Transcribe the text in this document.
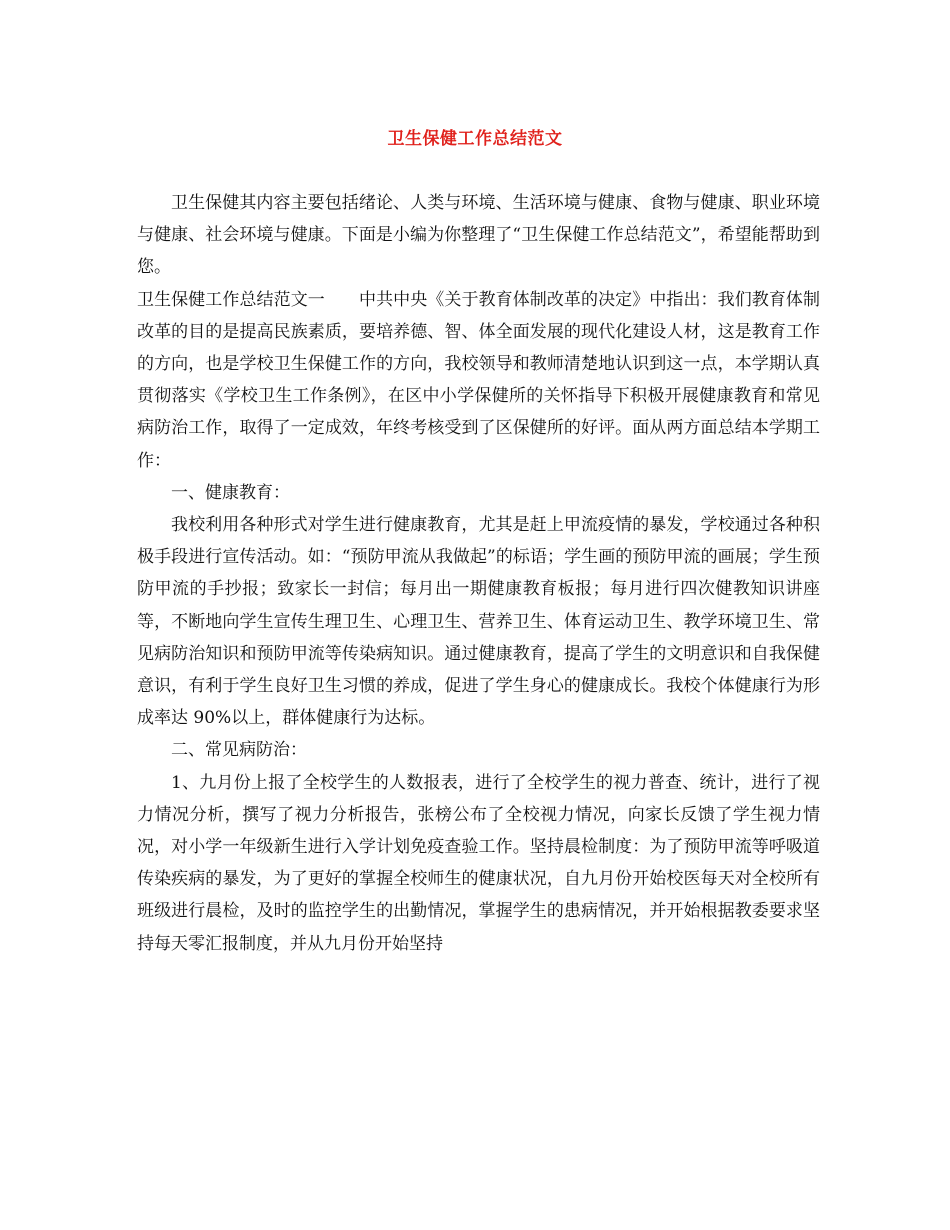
卫生保健工作总结范文

卫生保健其内容主要包括绪论、人类与环境、生活环境与健康、食物与健康、职业环境与健康、社会环境与健康。下面是小编为你整理了“卫生保健工作总结范文”，希望能帮助到您。

卫生保健工作总结范文一　　中共中央《关于教育体制改革的决定》中指出：我们教育体制改革的目的是提高民族素质，要培养德、智、体全面发展的现代化建设人材，这是教育工作的方向，也是学校卫生保健工作的方向，我校领导和教师清楚地认识到这一点，本学期认真贯彻落实《学校卫生工作条例》，在区中小学保健所的关怀指导下积极开展健康教育和常见病防治工作，取得了一定成效，年终考核受到了区保健所的好评。面从两方面总结本学期工作：

一、健康教育：

我校利用各种形式对学生进行健康教育，尤其是赶上甲流疫情的暴发，学校通过各种积极手段进行宣传活动。如：“预防甲流从我做起”的标语；学生画的预防甲流的画展；学生预防甲流的手抄报；致家长一封信；每月出一期健康教育板报；每月进行四次健教知识讲座等，不断地向学生宣传生理卫生、心理卫生、营养卫生、体育运动卫生、教学环境卫生、常见病防治知识和预防甲流等传染病知识。通过健康教育，提高了学生的文明意识和自我保健意识，有利于学生良好卫生习惯的养成，促进了学生身心的健康成长。我校个体健康行为形成率达 90%以上，群体健康行为达标。

二、常见病防治：

1、九月份上报了全校学生的人数报表，进行了全校学生的视力普查、统计，进行了视力情况分析，撰写了视力分析报告，张榜公布了全校视力情况，向家长反馈了学生视力情况，对小学一年级新生进行入学计划免疫查验工作。坚持晨检制度：为了预防甲流等呼吸道传染疾病的暴发，为了更好的掌握全校师生的健康状况，自九月份开始校医每天对全校所有班级进行晨检，及时的监控学生的出勤情况，掌握学生的患病情况，并开始根据教委要求坚持每天零汇报制度，并从九月份开始坚持
